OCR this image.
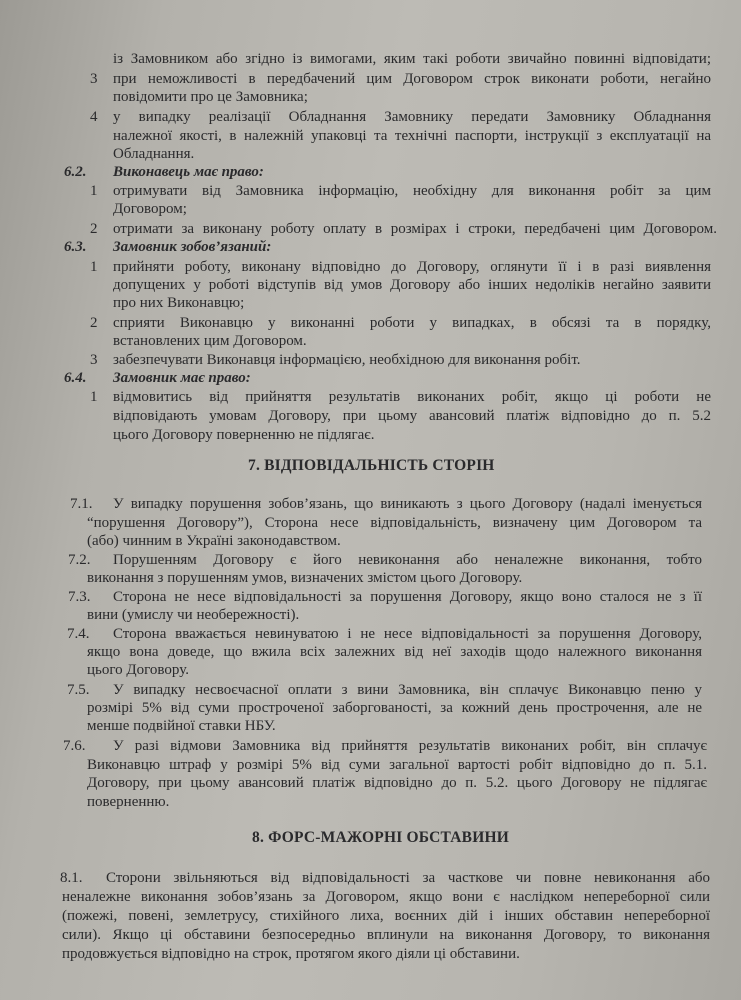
із Замовником або згідно із вимогами, яким такі роботи звичайно повинні відповідати;
3 при неможливості в передбачений цим Договором строк виконати роботи, негайно
повідомити про це Замовника;
4 у випадку реалізації Обладнання Замовнику передати Замовнику Обладнання
належної якості, в належній упаковці та технічні паспорти, інструкції з експлуатації на
Обладнання.
6.2. Виконавець має право:
1 отримувати від Замовника інформацію, необхідну для виконання робіт за цим
Договором;
2 отримати за виконану роботу оплату в розмірах і строки, передбачені цим Договором.
6.3. Замовник зобов’язаний:
1 прийняти роботу, виконану відповідно до Договору, оглянути її і в разі виявлення
допущених у роботі відступів від умов Договору або інших недоліків негайно заявити
про них Виконавцю;
2 сприяти Виконавцю у виконанні роботи у випадках, в обсязі та в порядку,
встановлених цим Договором.
3 забезпечувати Виконавця інформацією, необхідною для виконання робіт.
6.4. Замовник має право:
1 відмовитись від прийняття результатів виконаних робіт, якщо ці роботи не
відповідають умовам Договору, при цьому авансовий платіж відповідно до п. 5.2
цього Договору поверненню не підлягає.
7. ВІДПОВІДАЛЬНІСТЬ СТОРІН
7.1. У випадку порушення зобов’язань, що виникають з цього Договору (надалі іменується
“порушення Договору”), Сторона несе відповідальність, визначену цим Договором та
(або) чинним в Україні законодавством.
7.2. Порушенням Договору є його невиконання або неналежне виконання, тобто
виконання з порушенням умов, визначених змістом цього Договору.
7.3. Сторона не несе відповідальності за порушення Договору, якщо воно сталося не з її
вини (умислу чи необережності).
7.4. Сторона вважається невинуватою і не несе відповідальності за порушення Договору,
якщо вона доведе, що вжила всіх залежних від неї заходів щодо належного виконання
цього Договору.
7.5. У випадку несвоєчасної оплати з вини Замовника, він сплачує Виконавцю пеню у
розмірі 5% від суми простроченої заборгованості, за кожний день прострочення, але не
менше подвійної ставки НБУ.
7.6. У разі відмови Замовника від прийняття результатів виконаних робіт, він сплачує
Виконавцю штраф у розмірі 5% від суми загальної вартості робіт відповідно до п. 5.1.
Договору, при цьому авансовий платіж відповідно до п. 5.2. цього Договору не підлягає
поверненню.
8. ФОРС-МАЖОРНІ ОБСТАВИНИ
8.1. Сторони звільняються від відповідальності за часткове чи повне невиконання або
неналежне виконання зобов’язань за Договором, якщо вони є наслідком непереборної сили
(пожежі, повені, землетрусу, стихійного лиха, воєнних дій і інших обставин непереборної
сили). Якщо ці обставини безпосередньо вплинули на виконання Договору, то виконання
продовжується відповідно на строк, протягом якого діяли ці обставини.
